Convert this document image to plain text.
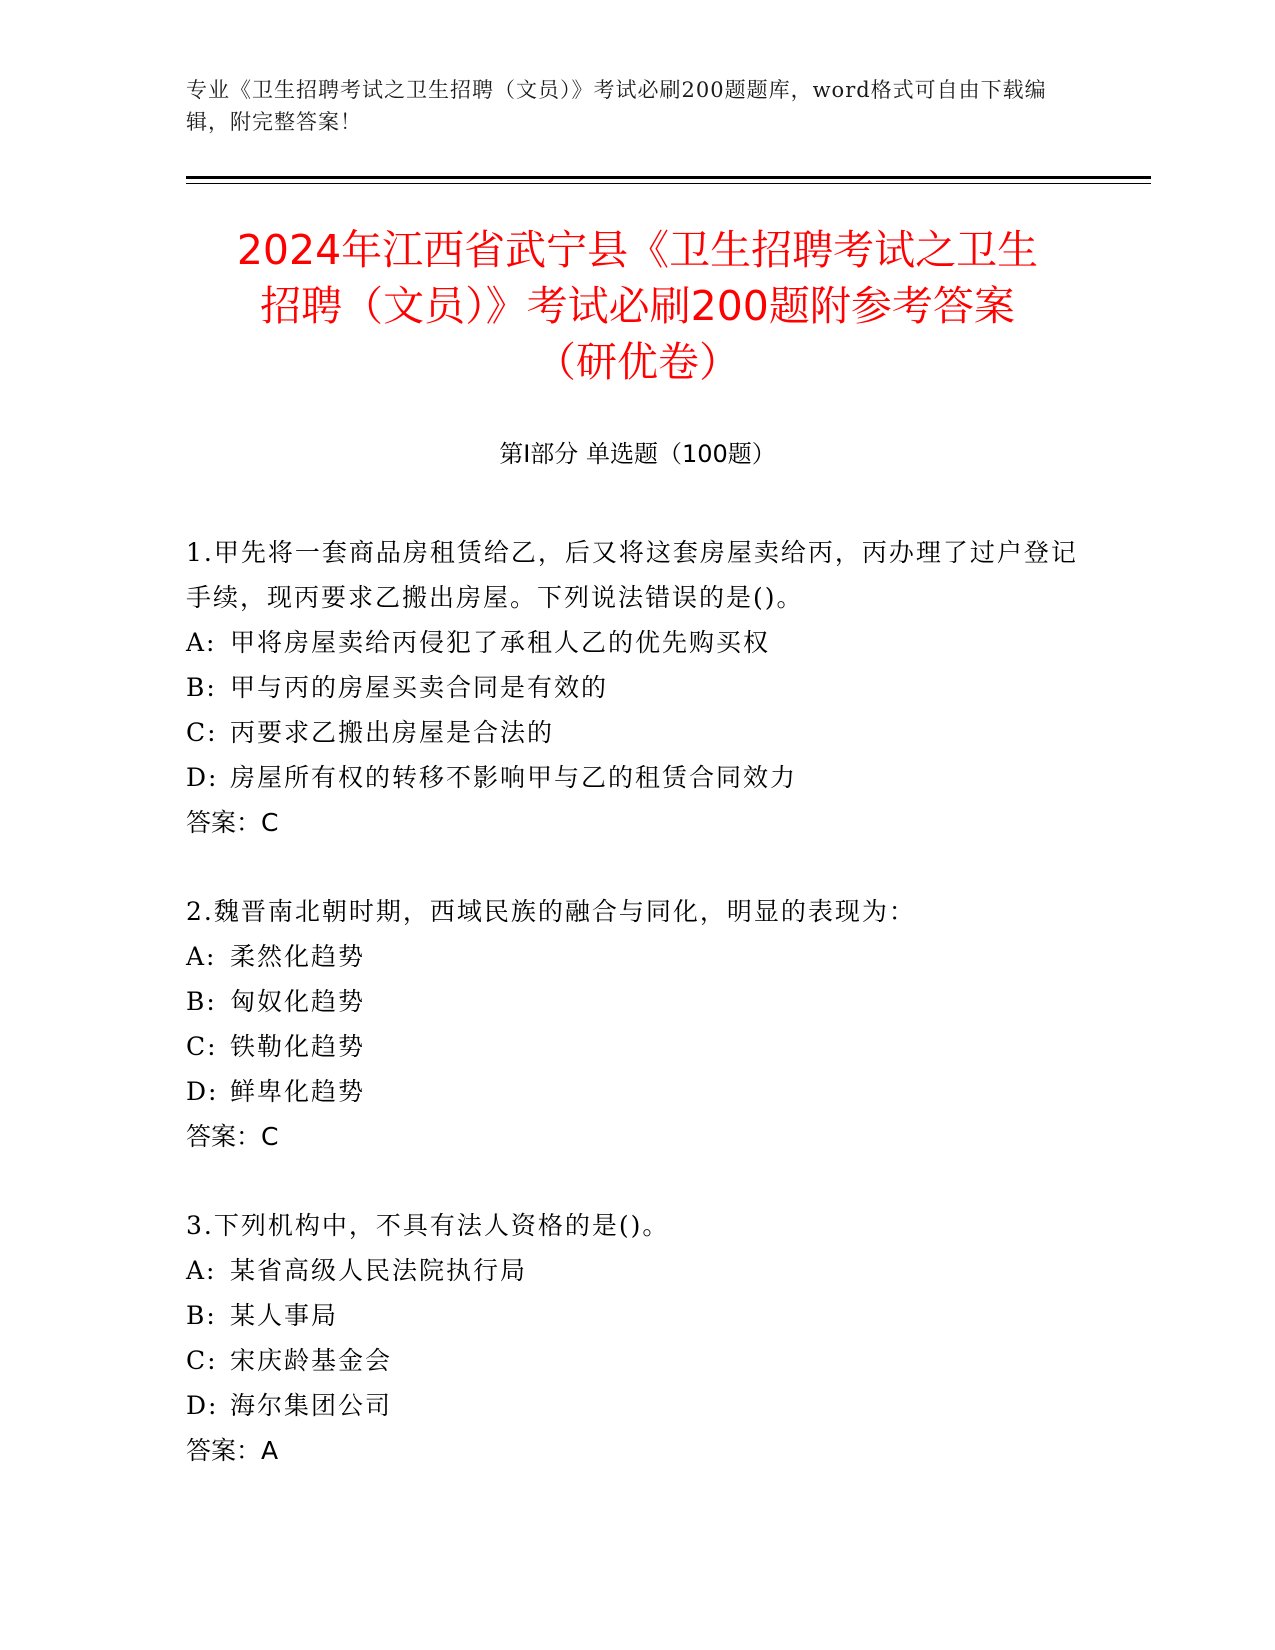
专业《卫生招聘考试之卫生招聘（文员）》考试必刷200题题库，word格式可自由下载编辑，附完整答案！
2024年江西省武宁县《卫生招聘考试之卫生
招聘（文员）》考试必刷200题附参考答案
（研优卷）
第I部分 单选题（100题）

1.甲先将一套商品房租赁给乙，后又将这套房屋卖给丙，丙办理了过户登记手续，现丙要求乙搬出房屋。下列说法错误的是()。

A: 甲将房屋卖给丙侵犯了承租人乙的优先购买权

B: 甲与丙的房屋买卖合同是有效的

C: 丙要求乙搬出房屋是合法的

D: 房屋所有权的转移不影响甲与乙的租赁合同效力

答案：C

2.魏晋南北朝时期，西域民族的融合与同化，明显的表现为：

A: 柔然化趋势

B: 匈奴化趋势

C: 铁勒化趋势

D: 鲜卑化趋势

答案：C

3.下列机构中，不具有法人资格的是()。

A: 某省高级人民法院执行局

B: 某人事局

C: 宋庆龄基金会

D: 海尔集团公司

答案：A
